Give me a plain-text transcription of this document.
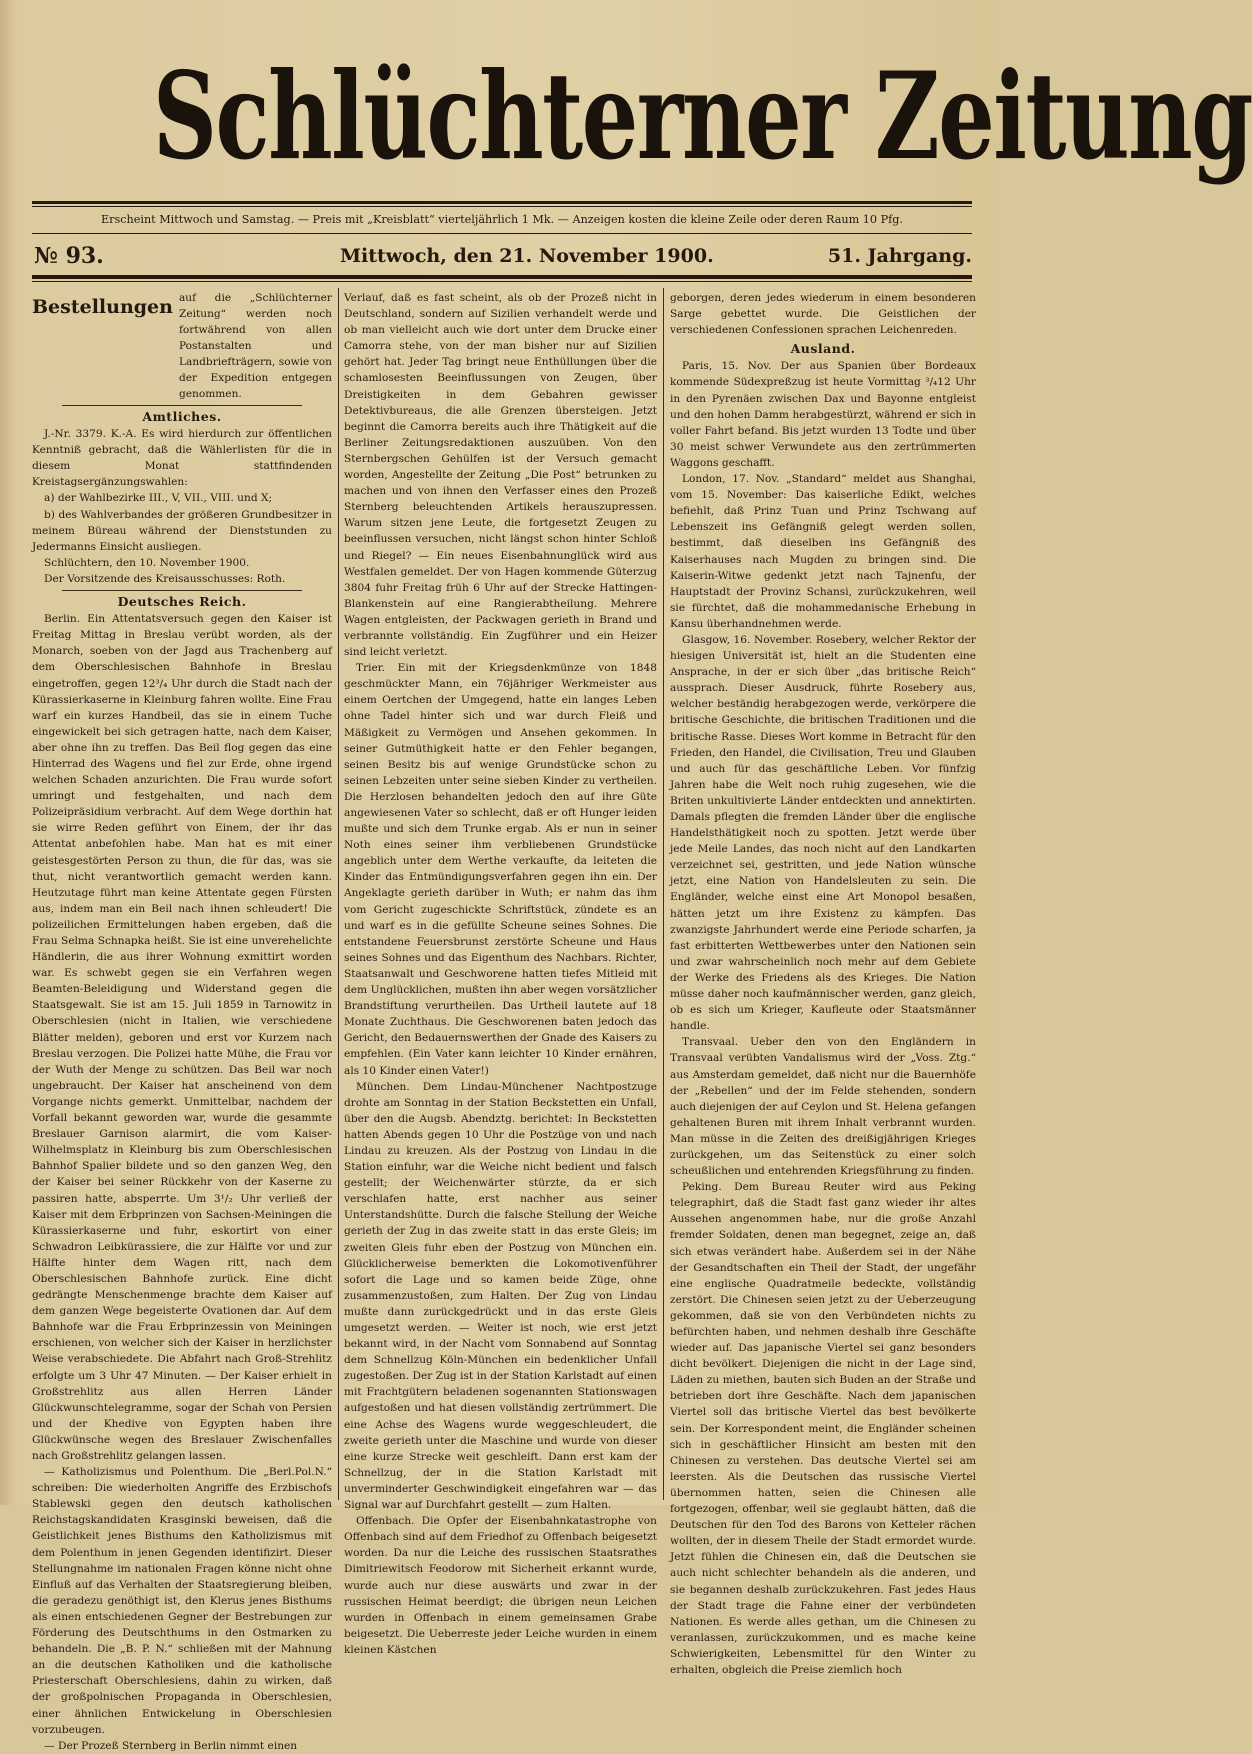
Schlüchterner Zeitung
Erscheint Mittwoch und Samstag. — Preis mit „Kreisblatt“ vierteljährlich 1 Mk. — Anzeigen kosten die kleine Zeile oder deren Raum 10 Pfg.
№ 93.	Mittwoch, den 21. November 1900.	51. Jahrgang.
Bestellungen auf die „Schlüchterner Zeitung“ werden noch fortwährend von allen Postanstalten und Landbriefträgern, sowie von der Expedition entgegen genommen.
Amtliches.

J.-Nr. 3379. K.-A. Es wird hierdurch zur öffentlichen Kenntniß gebracht, daß die Wählerlisten für die in diesem Monat stattfindenden Kreistagsergänzungswahlen:

a) der Wahlbezirke III., V, VII., VIII. und X;

b) des Wahlverbandes der größeren Grundbesitzer in meinem Büreau während der Dienststunden zu Jedermanns Einsicht ausliegen.

Schlüchtern, den 10. November 1900.

Der Vorsitzende des Kreisausschusses: Roth.

Deutsches Reich.

Berlin. Ein Attentatsversuch gegen den Kaiser ist Freitag Mittag in Breslau verübt worden, als der Monarch, soeben von der Jagd aus Trachenberg auf dem Oberschlesischen Bahnhofe in Breslau eingetroffen, gegen 12³/₄ Uhr durch die Stadt nach der Kürassierkaserne in Kleinburg fahren wollte. Eine Frau warf ein kurzes Handbeil, das sie in einem Tuche eingewickelt bei sich getragen hatte, nach dem Kaiser, aber ohne ihn zu treffen. Das Beil flog gegen das eine Hinterrad des Wagens und fiel zur Erde, ohne irgend welchen Schaden anzurichten. Die Frau wurde sofort umringt und festgehalten, und nach dem Polizeipräsidium verbracht. Auf dem Wege dorthin hat sie wirre Reden geführt von Einem, der ihr das Attentat anbefohlen habe. Man hat es mit einer geistesgestörten Person zu thun, die für das, was sie thut, nicht verantwortlich gemacht werden kann. Heutzutage führt man keine Attentate gegen Fürsten aus, indem man ein Beil nach ihnen schleudert! Die polizeilichen Ermittelungen haben ergeben, daß die Frau Selma Schnapka heißt. Sie ist eine unverehelichte Händlerin, die aus ihrer Wohnung exmittirt worden war. Es schwebt gegen sie ein Verfahren wegen Beamten-Beleidigung und Widerstand gegen die Staatsgewalt. Sie ist am 15. Juli 1859 in Tarnowitz in Oberschlesien (nicht in Italien, wie verschiedene Blätter melden), geboren und erst vor Kurzem nach Breslau verzogen. Die Polizei hatte Mühe, die Frau vor der Wuth der Menge zu schützen. Das Beil war noch ungebraucht. Der Kaiser hat anscheinend von dem Vorgange nichts gemerkt. Unmittelbar, nachdem der Vorfall bekannt geworden war, wurde die gesammte Breslauer Garnison alarmirt, die vom Kaiser-Wilhelmsplatz in Kleinburg bis zum Oberschlesischen Bahnhof Spalier bildete und so den ganzen Weg, den der Kaiser bei seiner Rückkehr von der Kaserne zu passiren hatte, absperrte. Um 3¹/₂ Uhr verließ der Kaiser mit dem Erbprinzen von Sachsen-Meiningen die Kürassierkaserne und fuhr, eskortirt von einer Schwadron Leibkürassiere, die zur Hälfte vor und zur Hälfte hinter dem Wagen ritt, nach dem Oberschlesischen Bahnhofe zurück. Eine dicht gedrängte Menschenmenge brachte dem Kaiser auf dem ganzen Wege begeisterte Ovationen dar. Auf dem Bahnhofe war die Frau Erbprinzessin von Meiningen erschienen, von welcher sich der Kaiser in herzlichster Weise verabschiedete. Die Abfahrt nach Groß-Strehlitz erfolgte um 3 Uhr 47 Minuten. — Der Kaiser erhielt in Großstrehlitz aus allen Herren Länder Glückwunschtelegramme, sogar der Schah von Persien und der Khedive von Egypten haben ihre Glückwünsche wegen des Breslauer Zwischenfalles nach Großstrehlitz gelangen lassen.

— Katholizismus und Polenthum. Die „Berl.Pol.N.“ schreiben: Die wiederholten Angriffe des Erzbischofs Stablewski gegen den deutsch katholischen Reichstagskandidaten Krasginski beweisen, daß die Geistlichkeit jenes Bisthums den Katholizismus mit dem Polenthum in jenen Gegenden identifizirt. Dieser Stellungnahme im nationalen Fragen könne nicht ohne Einfluß auf das Verhalten der Staatsregierung bleiben, die geradezu genöthigt ist, den Klerus jenes Bisthums als einen entschiedenen Gegner der Bestrebungen zur Förderung des Deutschthums in den Ostmarken zu behandeln. Die „B. P. N.“ schließen mit der Mahnung an die deutschen Katholiken und die katholische Priesterschaft Oberschlesiens, dahin zu wirken, daß der großpolnischen Propaganda in Oberschlesien, einer ähnlichen Entwickelung in Oberschlesien vorzubeugen.

— Der Prozeß Sternberg in Berlin nimmt einen

Verlauf, daß es fast scheint, als ob der Prozeß nicht in Deutschland, sondern auf Sizilien verhandelt werde und ob man vielleicht auch wie dort unter dem Drucke einer Camorra stehe, von der man bisher nur auf Sizilien gehört hat. Jeder Tag bringt neue Enthüllungen über die schamlosesten Beeinflussungen von Zeugen, über Dreistigkeiten in dem Gebahren gewisser Detektivbureaus, die alle Grenzen übersteigen. Jetzt beginnt die Camorra bereits auch ihre Thätigkeit auf die Berliner Zeitungsredaktionen auszuüben. Von den Sternbergschen Gehülfen ist der Versuch gemacht worden, Angestellte der Zeitung „Die Post“ betrunken zu machen und von ihnen den Verfasser eines den Prozeß Sternberg beleuchtenden Artikels herauszupressen. Warum sitzen jene Leute, die fortgesetzt Zeugen zu beeinflussen versuchen, nicht längst schon hinter Schloß und Riegel? — Ein neues Eisenbahnunglück wird aus Westfalen gemeldet. Der von Hagen kommende Güterzug 3804 fuhr Freitag früh 6 Uhr auf der Strecke Hattingen-Blankenstein auf eine Rangierabtheilung. Mehrere Wagen entgleisten, der Packwagen gerieth in Brand und verbrannte vollständig. Ein Zugführer und ein Heizer sind leicht verletzt.

Trier. Ein mit der Kriegsdenkmünze von 1848 geschmückter Mann, ein 76jähriger Werkmeister aus einem Oertchen der Umgegend, hatte ein langes Leben ohne Tadel hinter sich und war durch Fleiß und Mäßigkeit zu Vermögen und Ansehen gekommen. In seiner Gutmüthigkeit hatte er den Fehler begangen, seinen Besitz bis auf wenige Grundstücke schon zu seinen Lebzeiten unter seine sieben Kinder zu vertheilen. Die Herzlosen behandelten jedoch den auf ihre Güte angewiesenen Vater so schlecht, daß er oft Hunger leiden mußte und sich dem Trunke ergab. Als er nun in seiner Noth eines seiner ihm verbliebenen Grundstücke angeblich unter dem Werthe verkaufte, da leiteten die Kinder das Entmündigungsverfahren gegen ihn ein. Der Angeklagte gerieth darüber in Wuth; er nahm das ihm vom Gericht zugeschickte Schriftstück, zündete es an und warf es in die gefüllte Scheune seines Sohnes. Die entstandene Feuersbrunst zerstörte Scheune und Haus seines Sohnes und das Eigenthum des Nachbars. Richter, Staatsanwalt und Geschworene hatten tiefes Mitleid mit dem Unglücklichen, mußten ihn aber wegen vorsätzlicher Brandstiftung verurtheilen. Das Urtheil lautete auf 18 Monate Zuchthaus. Die Geschworenen baten jedoch das Gericht, den Bedauernswerthen der Gnade des Kaisers zu empfehlen. (Ein Vater kann leichter 10 Kinder ernähren, als 10 Kinder einen Vater!)

München. Dem Lindau-Münchener Nachtpostzuge drohte am Sonntag in der Station Beckstetten ein Unfall, über den die Augsb. Abendztg. berichtet: In Beckstetten hatten Abends gegen 10 Uhr die Postzüge von und nach Lindau zu kreuzen. Als der Postzug von Lindau in die Station einfuhr, war die Weiche nicht bedient und falsch gestellt; der Weichenwärter stürzte, da er sich verschlafen hatte, erst nachher aus seiner Unterstandshütte. Durch die falsche Stellung der Weiche gerieth der Zug in das zweite statt in das erste Gleis; im zweiten Gleis fuhr eben der Postzug von München ein. Glücklicherweise bemerkten die Lokomotivenführer sofort die Lage und so kamen beide Züge, ohne zusammenzustoßen, zum Halten. Der Zug von Lindau mußte dann zurückgedrückt und in das erste Gleis umgesetzt werden. — Weiter ist noch, wie erst jetzt bekannt wird, in der Nacht vom Sonnabend auf Sonntag dem Schnellzug Köln-München ein bedenklicher Unfall zugestoßen. Der Zug ist in der Station Karlstadt auf einen mit Frachtgütern beladenen sogenannten Stationswagen aufgestoßen und hat diesen vollständig zertrümmert. Die eine Achse des Wagens wurde weggeschleudert, die zweite gerieth unter die Maschine und wurde von dieser eine kurze Strecke weit geschleift. Dann erst kam der Schnellzug, der in die Station Karlstadt mit unverminderter Geschwindigkeit eingefahren war — das Signal war auf Durchfahrt gestellt — zum Halten.

Offenbach. Die Opfer der Eisenbahnkatastrophe von Offenbach sind auf dem Friedhof zu Offenbach beigesetzt worden. Da nur die Leiche des russischen Staatsrathes Dimitriewitsch Feodorow mit Sicherheit erkannt wurde, wurde auch nur diese auswärts und zwar in der russischen Heimat beerdigt; die übrigen neun Leichen wurden in Offenbach in einem gemeinsamen Grabe beigesetzt. Die Ueberreste jeder Leiche wurden in einem kleinen Kästchen

geborgen, deren jedes wiederum in einem besonderen Sarge gebettet wurde. Die Geistlichen der verschiedenen Confessionen sprachen Leichenreden.

Ausland.

Paris, 15. Nov. Der aus Spanien über Bordeaux kommende Südexpreßzug ist heute Vormittag ³/₄12 Uhr in den Pyrenäen zwischen Dax und Bayonne entgleist und den hohen Damm herabgestürzt, während er sich in voller Fahrt befand. Bis jetzt wurden 13 Todte und über 30 meist schwer Verwundete aus den zertrümmerten Waggons geschafft.

London, 17. Nov. „Standard“ meldet aus Shanghai, vom 15. November: Das kaiserliche Edikt, welches befiehlt, daß Prinz Tuan und Prinz Tschwang auf Lebenszeit ins Gefängniß gelegt werden sollen, bestimmt, daß dieselben ins Gefängniß des Kaiserhauses nach Mugden zu bringen sind. Die Kaiserin-Witwe gedenkt jetzt nach Tajnenfu, der Hauptstadt der Provinz Schansi, zurückzukehren, weil sie fürchtet, daß die mohammedanische Erhebung in Kansu überhandnehmen werde.

Glasgow, 16. November. Rosebery, welcher Rektor der hiesigen Universität ist, hielt an die Studenten eine Ansprache, in der er sich über „das britische Reich“ aussprach. Dieser Ausdruck, führte Rosebery aus, welcher beständig herabgezogen werde, verkörpere die britische Geschichte, die britischen Traditionen und die britische Rasse. Dieses Wort komme in Betracht für den Frieden, den Handel, die Civilisation, Treu und Glauben und auch für das geschäftliche Leben. Vor fünfzig Jahren habe die Welt noch ruhig zugesehen, wie die Briten unkultivierte Länder entdeckten und annektirten. Damals pflegten die fremden Länder über die englische Handelsthätigkeit noch zu spotten. Jetzt werde über jede Meile Landes, das noch nicht auf den Landkarten verzeichnet sei, gestritten, und jede Nation wünsche jetzt, eine Nation von Handelsleuten zu sein. Die Engländer, welche einst eine Art Monopol besaßen, hätten jetzt um ihre Existenz zu kämpfen. Das zwanzigste Jahrhundert werde eine Periode scharfen, ja fast erbitterten Wettbewerbes unter den Nationen sein und zwar wahrscheinlich noch mehr auf dem Gebiete der Werke des Friedens als des Krieges. Die Nation müsse daher noch kaufmännischer werden, ganz gleich, ob es sich um Krieger, Kaufleute oder Staatsmänner handle.

Transvaal. Ueber den von den Engländern in Transvaal verübten Vandalismus wird der „Voss. Ztg.“ aus Amsterdam gemeldet, daß nicht nur die Bauernhöfe der „Rebellen“ und der im Felde stehenden, sondern auch diejenigen der auf Ceylon und St. Helena gefangen gehaltenen Buren mit ihrem Inhalt verbrannt wurden. Man müsse in die Zeiten des dreißigjährigen Krieges zurückgehen, um das Seitenstück zu einer solch scheußlichen und entehrenden Kriegsführung zu finden.

Peking. Dem Bureau Reuter wird aus Peking telegraphirt, daß die Stadt fast ganz wieder ihr altes Aussehen angenommen habe, nur die große Anzahl fremder Soldaten, denen man begegnet, zeige an, daß sich etwas verändert habe. Außerdem sei in der Nähe der Gesandtschaften ein Theil der Stadt, der ungefähr eine englische Quadratmeile bedeckte, vollständig zerstört. Die Chinesen seien jetzt zu der Ueberzeugung gekommen, daß sie von den Verbündeten nichts zu befürchten haben, und nehmen deshalb ihre Geschäfte wieder auf. Das japanische Viertel sei ganz besonders dicht bevölkert. Diejenigen die nicht in der Lage sind, Läden zu miethen, bauten sich Buden an der Straße und betrieben dort ihre Geschäfte. Nach dem japanischen Viertel soll das britische Viertel das best bevölkerte sein. Der Korrespondent meint, die Engländer scheinen sich in geschäftlicher Hinsicht am besten mit den Chinesen zu verstehen. Das deutsche Viertel sei am leersten. Als die Deutschen das russische Viertel übernommen hatten, seien die Chinesen alle fortgezogen, offenbar, weil sie geglaubt hätten, daß die Deutschen für den Tod des Barons von Ketteler rächen wollten, der in diesem Theile der Stadt ermordet wurde. Jetzt fühlen die Chinesen ein, daß die Deutschen sie auch nicht schlechter behandeln als die anderen, und sie begannen deshalb zurückzukehren. Fast jedes Haus der Stadt trage die Fahne einer der verbündeten Nationen. Es werde alles gethan, um die Chinesen zu veranlassen, zurückzukommen, und es mache keine Schwierigkeiten, Lebensmittel für den Winter zu erhalten, obgleich die Preise ziemlich hoch
